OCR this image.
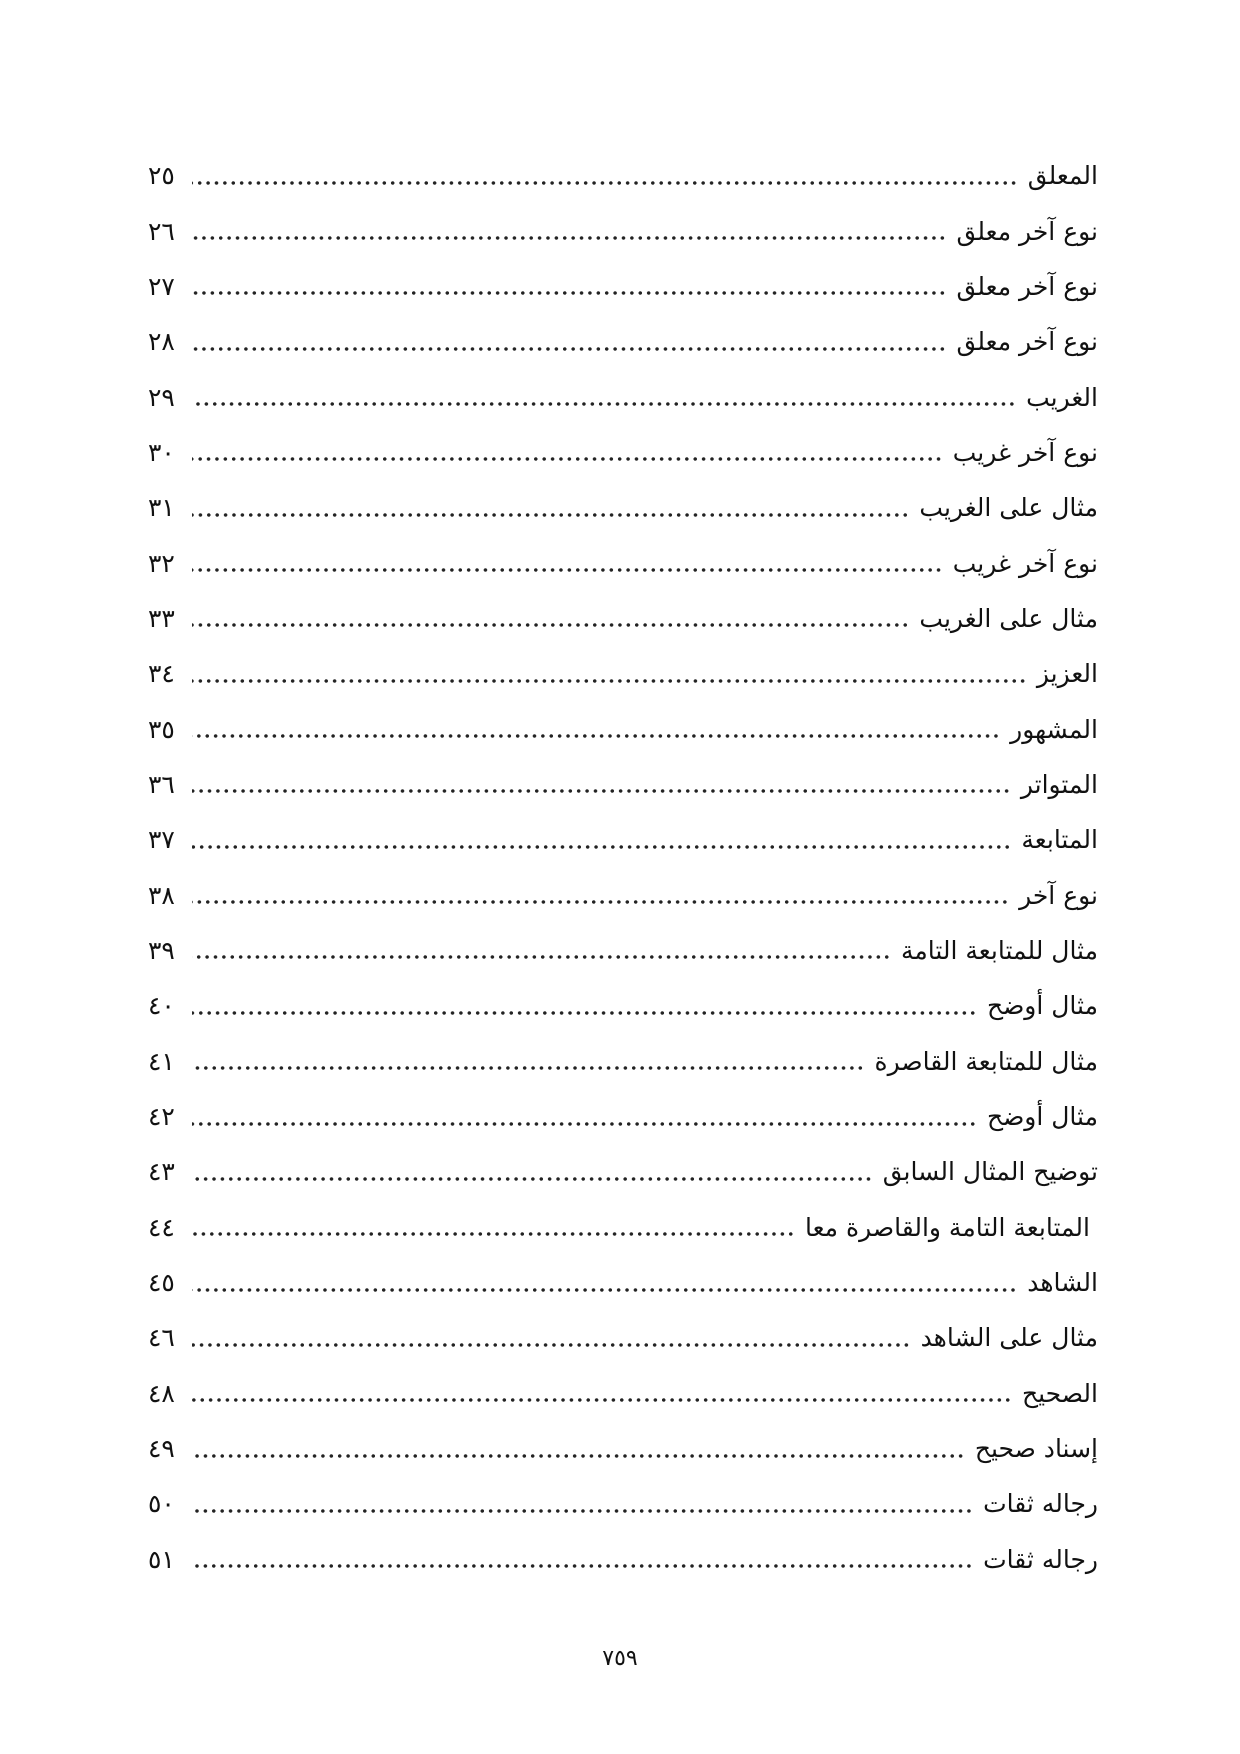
٢٥	المعلق
٢٦	نوع آخر معلق
٢٧	نوع آخر معلق
٢٨	نوع آخر معلق
٢٩	الغريب
٣٠	نوع آخر غريب
٣١	مثال على الغريب
٣٢	نوع آخر غريب
٣٣	مثال على الغريب
٣٤	العزيز
٣٥	المشهور
٣٦	المتواتر
٣٧	المتابعة
٣٨	نوع آخر
٣٩	مثال للمتابعة التامة
٤٠	مثال أوضح
٤١	مثال للمتابعة القاصرة
٤٢	مثال أوضح
٤٣	توضيح المثال السابق
٤٤	المتابعة التامة والقاصرة معا
٤٥	الشاهد
٤٦	مثال على الشاهد
٤٨	الصحيح
٤٩	إسناد صحيح
٥٠	رجاله ثقات
٥١	رجاله ثقات
٧٥٩
